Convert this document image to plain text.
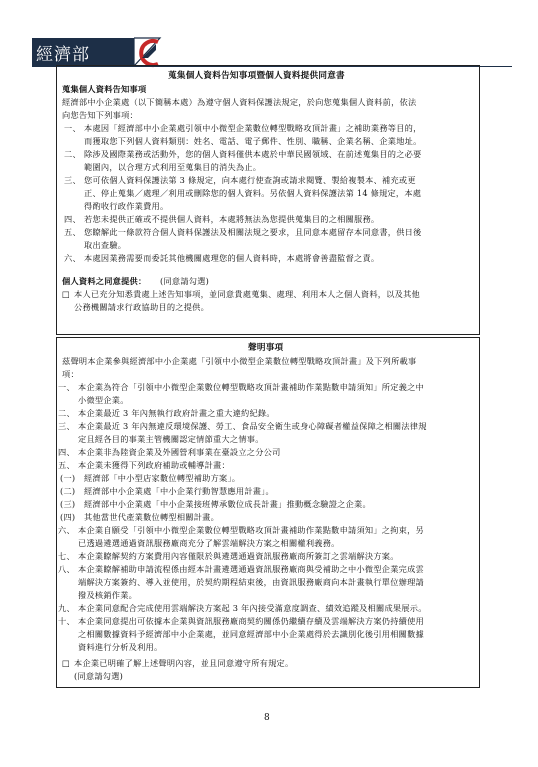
經濟部
蒐集個人資料告知事項暨個人資料提供同意書
蒐集個人資料告知事項
經濟部中小企業處（以下簡稱本處）為遵守個人資料保護法規定，於向您蒐集個人資料前，依法
向您告知下列事項：
一、 本處因「經濟部中小企業處引領中小微型企業數位轉型戰略攻頂計畫」之補助業務等目的，
而獲取您下列個人資料類別：姓名、電話、電子郵件、性別、職稱、企業名稱、企業地址。
二、 除涉及國際業務或活動外，您的個人資料僅供本處於中華民國領域、在前述蒐集目的之必要
範圍內，以合理方式利用至蒐集目的消失為止。
三、 您可依個人資料保護法第 3 條規定，向本處行使查詢或請求閱覽、製給複製本、補充或更
正、停止蒐集／處理／利用或刪除您的個人資料。另依個人資料保護法第 14 條規定，本處
得酌收行政作業費用。
四、 若您未提供正確或不提供個人資料，本處將無法為您提供蒐集目的之相關服務。
五、 您瞭解此一條款符合個人資料保護法及相關法規之要求，且同意本處留存本同意書，供日後
取出查驗。
六、 本處因業務需要而委託其他機關處理您的個人資料時，本處將會善盡監督之責。
個人資料之同意提供： (同意請勾選)
□ 本人已充分知悉貴處上述告知事項，並同意貴處蒐集、處理、利用本人之個人資料，以及其他
公務機關請求行政協助目的之提供。
聲明事項
茲聲明本企業參與經濟部中小企業處「引領中小微型企業數位轉型戰略攻頂計畫」及下列所載事
項：
一、 本企業為符合「引領中小微型企業數位轉型戰略攻頂計畫補助作業點數申請須知」所定義之中
小微型企業。
二、 本企業最近 3 年內無執行政府計畫之重大違約紀錄。
三、 本企業最近 3 年內無違反環境保護、勞工、食品安全衛生或身心障礙者權益保障之相關法律規
定且經各目的事業主管機關認定情節重大之情事。
四、 本企業非為陸資企業及外國營利事業在臺設立之分公司
五、 本企業未獲得下列政府補助或輔導計畫：
(一) 經濟部「中小型店家數位轉型補助方案」。
(二) 經濟部中小企業處「中小企業行動智慧應用計畫」。
(三) 經濟部中小企業處「中小企業接班傳承數位成長計畫」推動概念驗證之企業。
(四) 其他當世代產業數位轉型相關計畫。
六、 本企業自願受「引領中小微型企業數位轉型戰略攻頂計畫補助作業點數申請須知」之拘束，另
已透過遴選通過資訊服務廠商充分了解雲端解決方案之相關權利義務。
七、 本企業瞭解契約方案費用內容僅限於與遴選通過資訊服務廠商所簽訂之雲端解決方案。
八、 本企業瞭解補助申請流程係由經本計畫遴選通過資訊服務廠商與受補助之中小微型企業完成雲
端解決方案簽約、導入並使用，於契約期程結束後，由資訊服務廠商向本計畫執行單位辦理請
撥及核銷作業。
九、 本企業同意配合完成使用雲端解決方案起 3 年內接受滿意度調查、績效追蹤及相關成果展示。
十、 本企業同意提出可依據本企業與資訊服務廠商契約關係仍繼續存續及雲端解決方案仍持續使用
之相關數據資料予經濟部中小企業處，並同意經濟部中小企業處得於去識別化後引用相關數據
資料進行分析及利用。
□ 本企業已明確了解上述聲明內容，並且同意遵守所有規定。
(同意請勾選)
8
